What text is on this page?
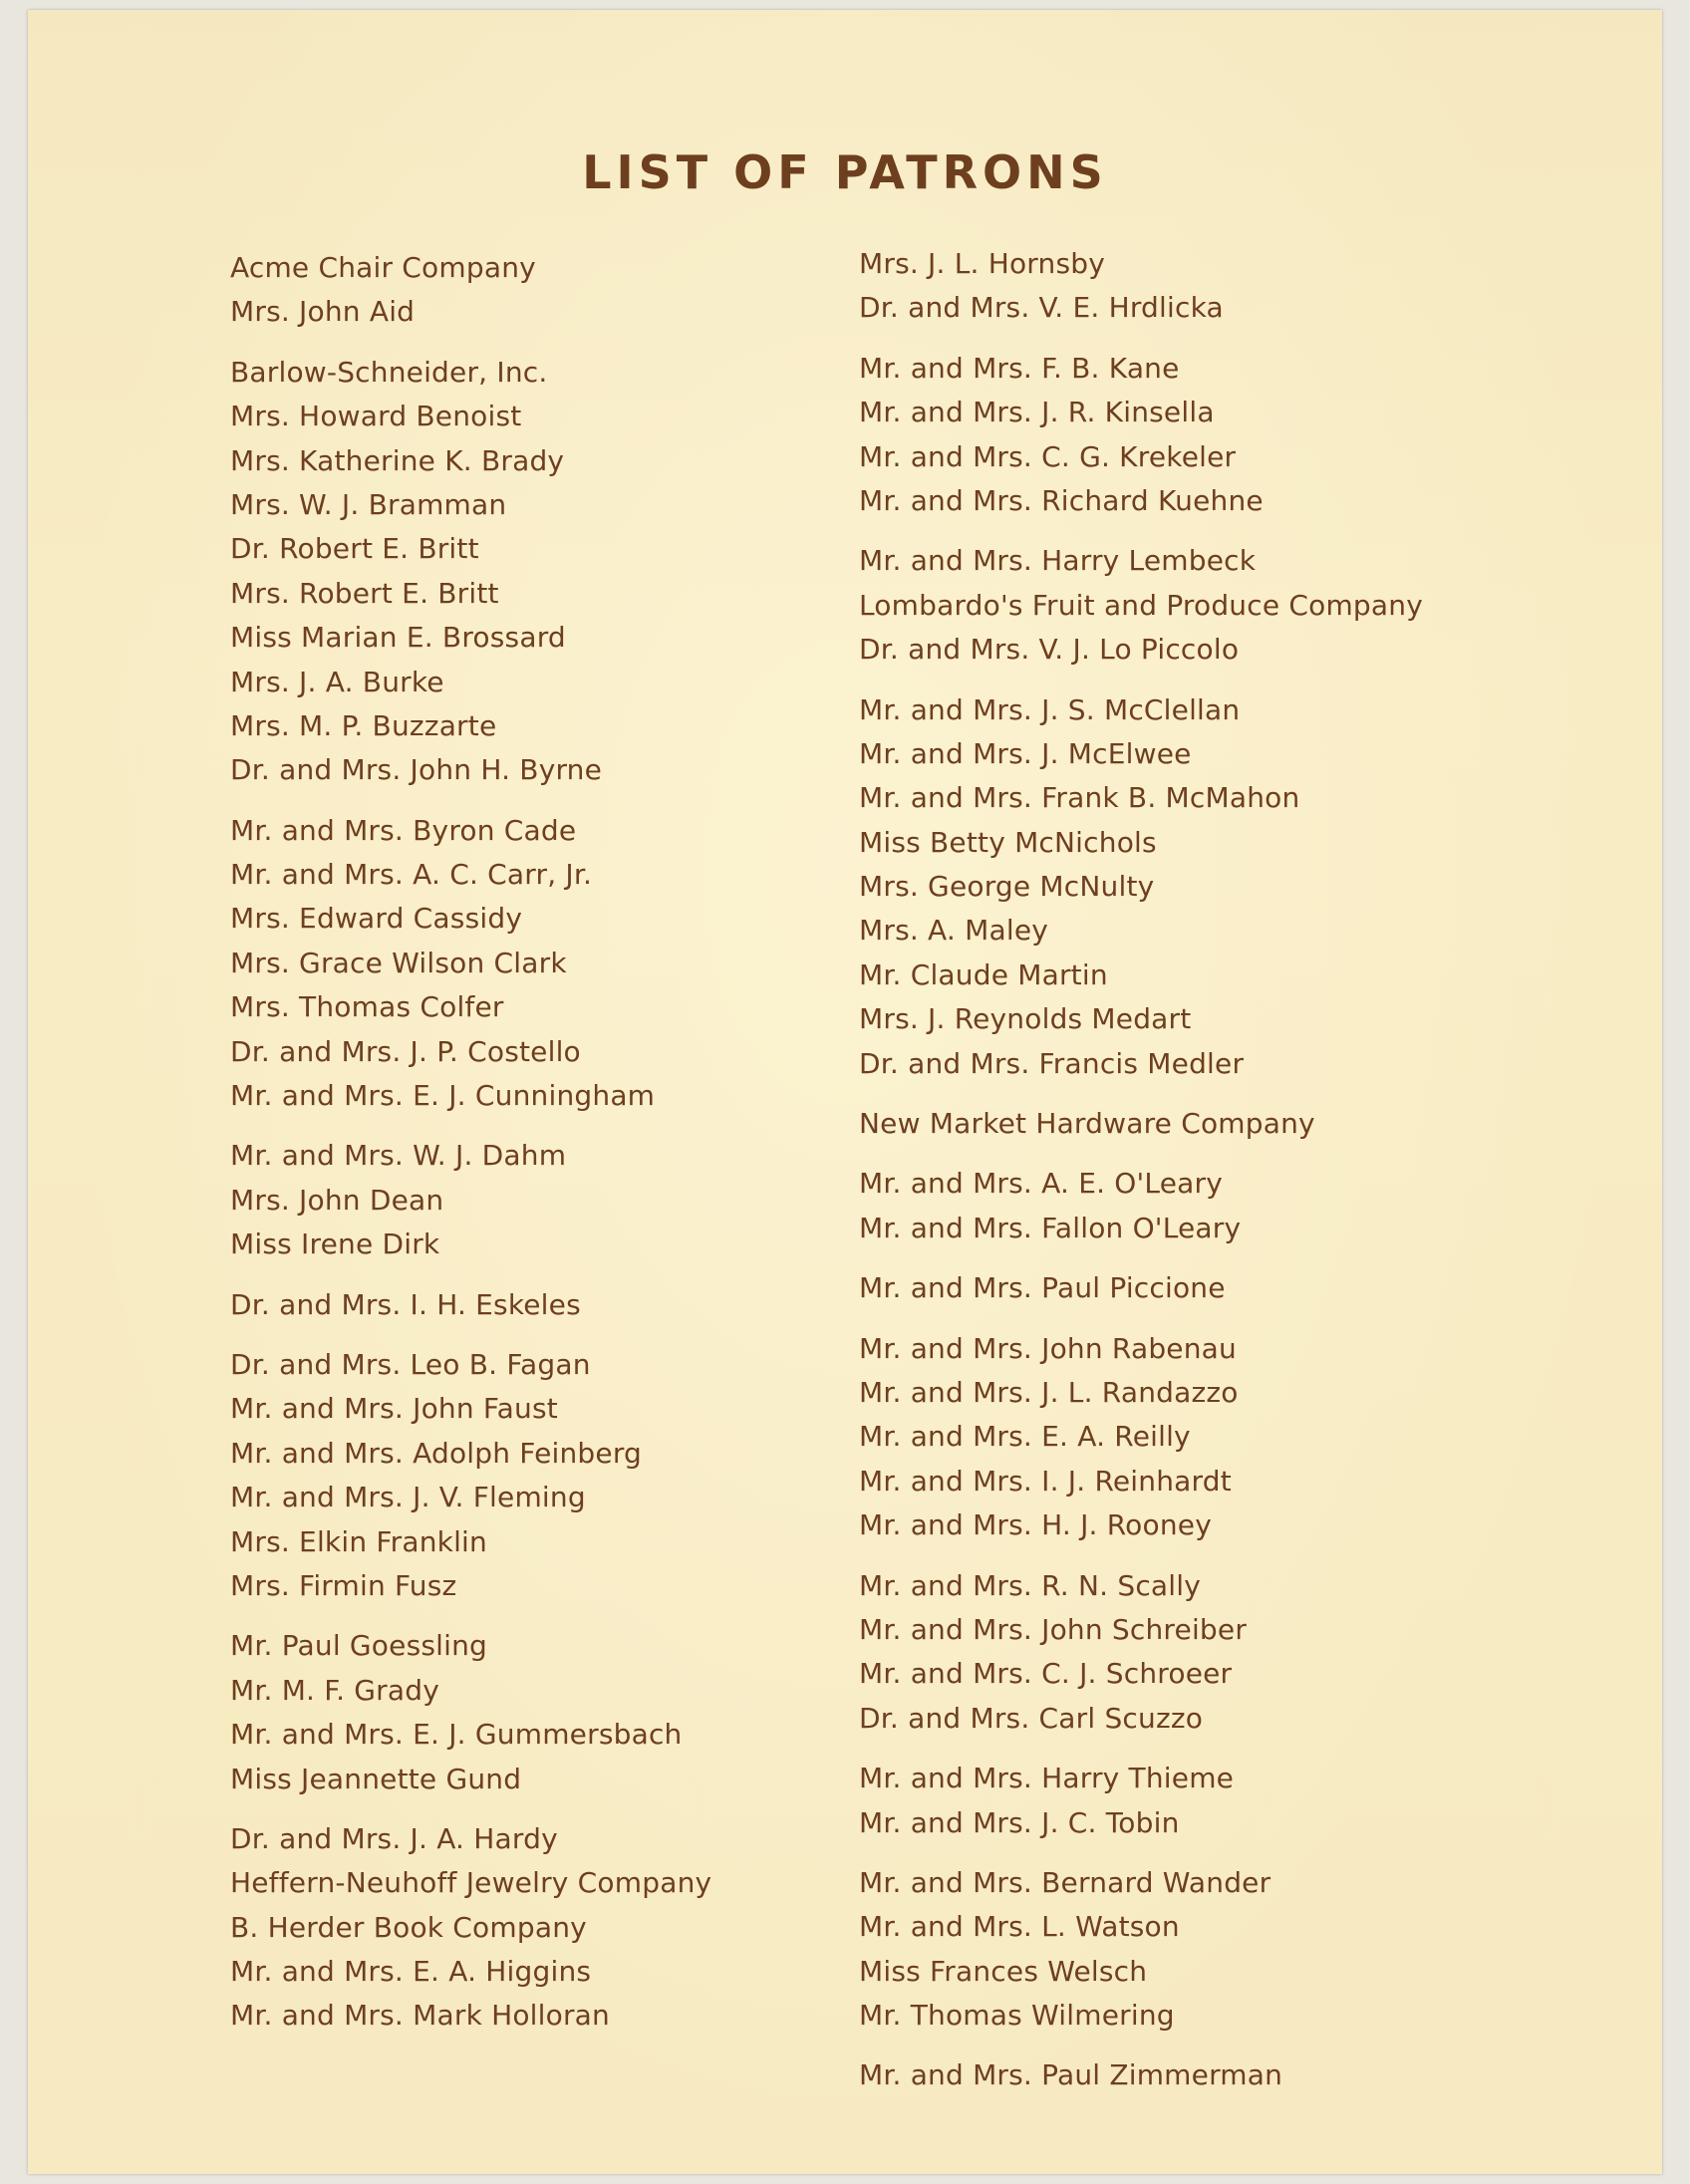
LIST OF PATRONS
Acme Chair Company
Mrs. John Aid
Barlow-Schneider, Inc.
Mrs. Howard Benoist
Mrs. Katherine K. Brady
Mrs. W. J. Bramman
Dr. Robert E. Britt
Mrs. Robert E. Britt
Miss Marian E. Brossard
Mrs. J. A. Burke
Mrs. M. P. Buzzarte
Dr. and Mrs. John H. Byrne
Mr. and Mrs. Byron Cade
Mr. and Mrs. A. C. Carr, Jr.
Mrs. Edward Cassidy
Mrs. Grace Wilson Clark
Mrs. Thomas Colfer
Dr. and Mrs. J. P. Costello
Mr. and Mrs. E. J. Cunningham
Mr. and Mrs. W. J. Dahm
Mrs. John Dean
Miss Irene Dirk
Dr. and Mrs. I. H. Eskeles
Dr. and Mrs. Leo B. Fagan
Mr. and Mrs. John Faust
Mr. and Mrs. Adolph Feinberg
Mr. and Mrs. J. V. Fleming
Mrs. Elkin Franklin
Mrs. Firmin Fusz
Mr. Paul Goessling
Mr. M. F. Grady
Mr. and Mrs. E. J. Gummersbach
Miss Jeannette Gund
Dr. and Mrs. J. A. Hardy
Heffern-Neuhoff Jewelry Company
B. Herder Book Company
Mr. and Mrs. E. A. Higgins
Mr. and Mrs. Mark Holloran
Mrs. J. L. Hornsby
Dr. and Mrs. V. E. Hrdlicka
Mr. and Mrs. F. B. Kane
Mr. and Mrs. J. R. Kinsella
Mr. and Mrs. C. G. Krekeler
Mr. and Mrs. Richard Kuehne
Mr. and Mrs. Harry Lembeck
Lombardo's Fruit and Produce Company
Dr. and Mrs. V. J. Lo Piccolo
Mr. and Mrs. J. S. McClellan
Mr. and Mrs. J. McElwee
Mr. and Mrs. Frank B. McMahon
Miss Betty McNichols
Mrs. George McNulty
Mrs. A. Maley
Mr. Claude Martin
Mrs. J. Reynolds Medart
Dr. and Mrs. Francis Medler
New Market Hardware Company
Mr. and Mrs. A. E. O'Leary
Mr. and Mrs. Fallon O'Leary
Mr. and Mrs. Paul Piccione
Mr. and Mrs. John Rabenau
Mr. and Mrs. J. L. Randazzo
Mr. and Mrs. E. A. Reilly
Mr. and Mrs. I. J. Reinhardt
Mr. and Mrs. H. J. Rooney
Mr. and Mrs. R. N. Scally
Mr. and Mrs. John Schreiber
Mr. and Mrs. C. J. Schroeer
Dr. and Mrs. Carl Scuzzo
Mr. and Mrs. Harry Thieme
Mr. and Mrs. J. C. Tobin
Mr. and Mrs. Bernard Wander
Mr. and Mrs. L. Watson
Miss Frances Welsch
Mr. Thomas Wilmering
Mr. and Mrs. Paul Zimmerman
